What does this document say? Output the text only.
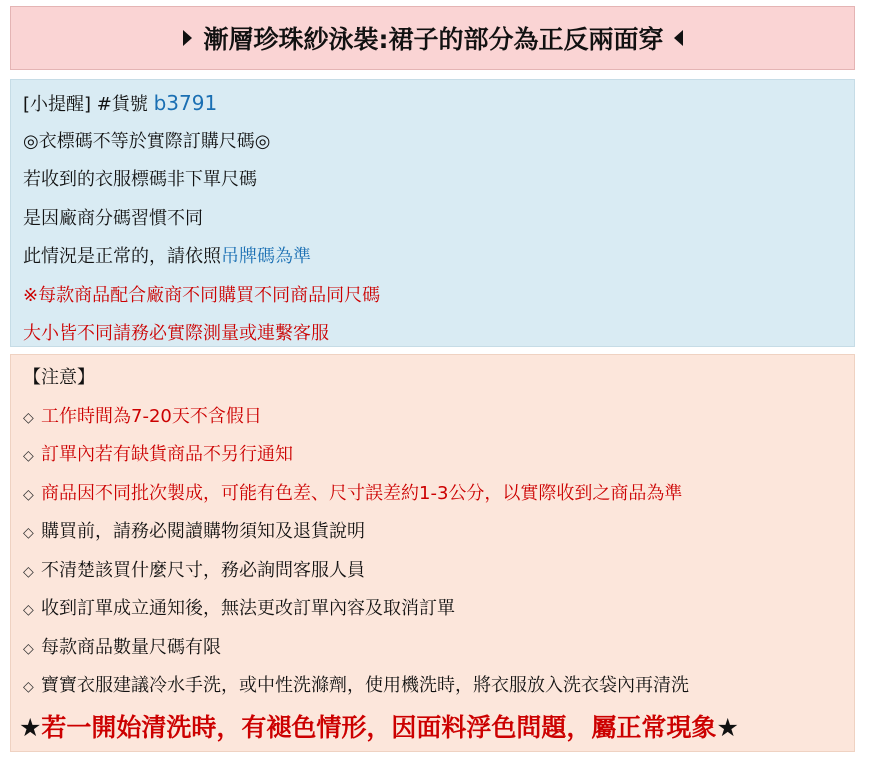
漸層珍珠紗泳裝:裙子的部分為正反兩面穿
[小提醒] #貨號 b3791
◎衣標碼不等於實際訂購尺碼◎
若收到的衣服標碼非下單尺碼
是因廠商分碼習慣不同
此情況是正常的，請依照吊牌碼為準
※每款商品配合廠商不同購買不同商品同尺碼
大小皆不同請務必實際測量或連繫客服
【注意】
◇ 工作時間為7-20天不含假日
◇ 訂單內若有缺貨商品不另行通知
◇ 商品因不同批次製成，可能有色差、尺寸誤差約1-3公分，以實際收到之商品為準
◇ 購買前，請務必閱讀購物須知及退貨說明
◇ 不清楚該買什麼尺寸，務必詢問客服人員
◇ 收到訂單成立通知後，無法更改訂單內容及取消訂單
◇ 每款商品數量尺碼有限
◇ 寶寶衣服建議冷水手洗，或中性洗滌劑，使用機洗時，將衣服放入洗衣袋內再清洗
★若一開始清洗時，有褪色情形，因面料浮色問題，屬正常現象★
